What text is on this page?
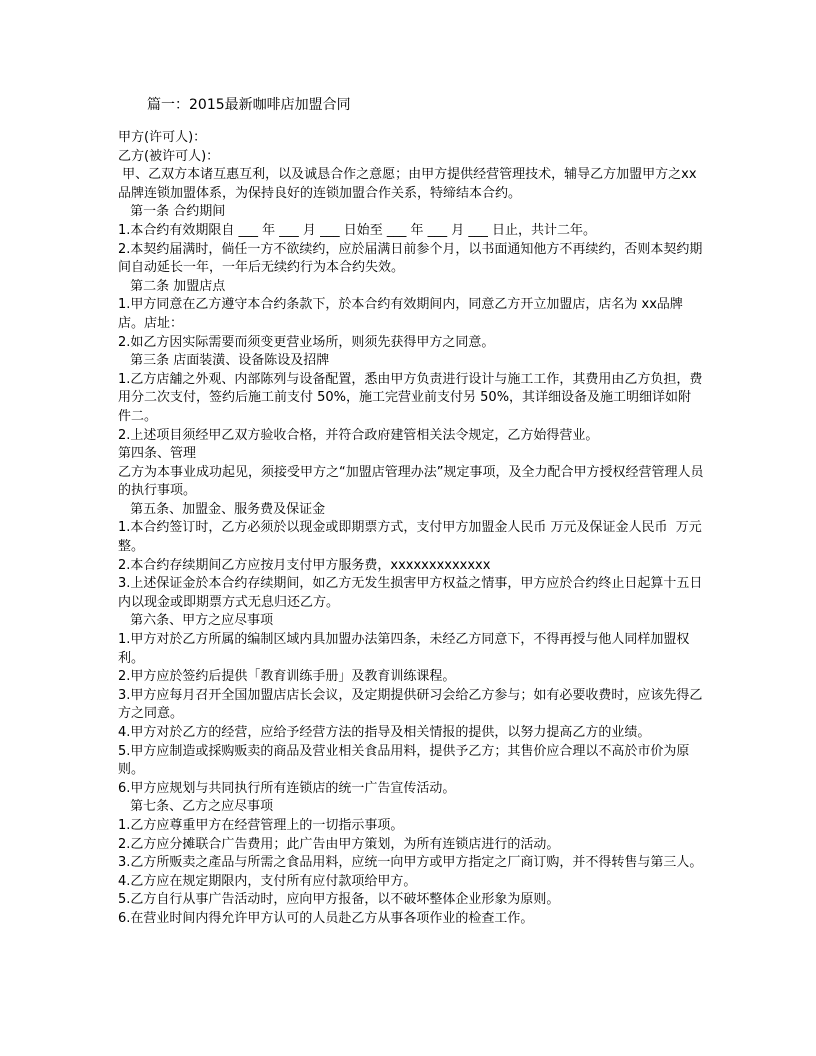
篇一：2015最新咖啡店加盟合同

甲方(许可人)：

乙方(被许可人)：

甲、乙双方本诸互惠互利，以及诚恳合作之意愿；由甲方提供经营管理技术，辅导乙方加盟甲方之xx品牌连锁加盟体系，为保持良好的连锁加盟合作关系，特缔结本合约。

第一条 合约期间

1.本合约有效期限自 ___ 年 ___ 月 ___ 日始至 ___ 年 ___ 月 ___ 日止，共计二年。

2.本契约届满时，倘任一方不欲续约，应於届满日前参个月，以书面通知他方不再续约，否则本契约期间自动延长一年，一年后无续约行为本合约失效。

第二条 加盟店点

1.甲方同意在乙方遵守本合约条款下，於本合约有效期间内，同意乙方开立加盟店，店名为 xx品牌店。店址：

2.如乙方因实际需要而须变更营业场所，则须先获得甲方之同意。

第三条 店面装潢、设备陈设及招牌

1.乙方店舖之外观、内部陈列与设备配置，悉由甲方负责进行设计与施工工作，其费用由乙方负担，费用分二次支付，签约后施工前支付 50%，施工完营业前支付另 50%，其详细设备及施工明细详如附件二。

2.上述项目须经甲乙双方验收合格，并符合政府建管相关法令规定，乙方始得营业。

第四条、管理

乙方为本事业成功起见，须接受甲方之“加盟店管理办法”规定事项，及全力配合甲方授权经营管理人员的执行事项。

第五条、加盟金、服务费及保证金

1.本合约签订时，乙方必须於以现金或即期票方式，支付甲方加盟金人民币 万元及保证金人民币  万元整。

2.本合约存续期间乙方应按月支付甲方服务费，xxxxxxxxxxxxx

3.上述保证金於本合约存续期间，如乙方无发生损害甲方权益之情事，甲方应於合约终止日起算十五日内以现金或即期票方式无息归还乙方。

第六条、甲方之应尽事项

1.甲方对於乙方所属的编制区域内具加盟办法第四条，未经乙方同意下，不得再授与他人同样加盟权利。

2.甲方应於签约后提供「教育训练手册」及教育训练课程。

3.甲方应每月召开全国加盟店店长会议，及定期提供研习会给乙方参与；如有必要收费时，应该先得乙方之同意。

4.甲方对於乙方的经营，应给予经营方法的指导及相关情报的提供，以努力提高乙方的业绩。

5.甲方应制造或採购贩卖的商品及营业相关食品用料，提供予乙方；其售价应合理以不高於市价为原则。

6.甲方应规划与共同执行所有连锁店的统一广告宣传活动。

第七条、乙方之应尽事项

1.乙方应尊重甲方在经营管理上的一切指示事项。

2.乙方应分摊联合广告费用；此广告由甲方策划，为所有连锁店进行的活动。

3.乙方所贩卖之產品与所需之食品用料，应统一向甲方或甲方指定之厂商订购，并不得转售与第三人。

4.乙方应在规定期限内，支付所有应付款项给甲方。

5.乙方自行从事广告活动时，应向甲方报备，以不破坏整体企业形象为原则。

6.在营业时间内得允许甲方认可的人员赴乙方从事各项作业的检查工作。
